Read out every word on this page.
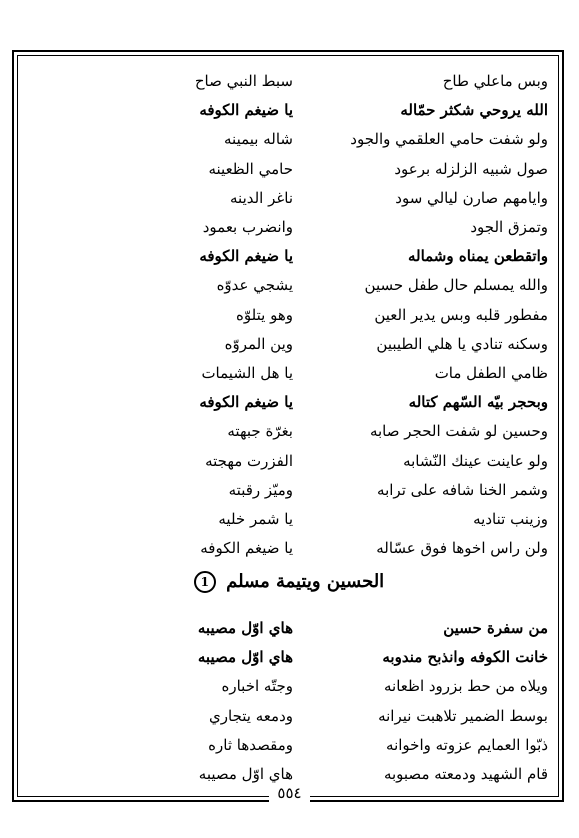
وبس ماعلي طاح
سبط النبي صاح
الله يروحي شكثر حمّاله
يا ضيغم الكوفه
ولو شفت حامي العلقمي والجود
شاله بيمينه
صول شبيه الزلزله برعود
حامي الظعينه
وايامهم صارن ليالي سود
ناغر الدينه
وتمزق الجود
وانضرب بعمود
واتقطعن يمناه وشماله
يا ضيغم الكوفه
والله يمسلم حال طفل حسين
يشجي عدوّه
مفطور قلبه وبس يدير العين
وهو يتلوّه
وسكنه تنادي يا هلي الطيبين
وين المروّه
ظامي الطفل مات
يا هل الشيمات
وبحجر بيّه السّهم كتاله
يا ضيغم الكوفه
وحسين لو شفت الحجر صابه
بغرّة جبهته
ولو عاينت عينك النّشابه
الفزرت مهجته
وشمر الخنا شافه على ترابه
وميّز رقبته
وزينب تناديه
يا شمر خليه
ولن راس اخوها فوق عسّاله
يا ضيغم الكوفه
الحسين ويتيمة مسلم 1
من سفرة حسين
هاي اوّل مصيبه
خانت الكوفه وانذبح مندوبه
هاي اوّل مصيبه
ويلاه من حط بزرود اظعانه
وجتّه اخباره
بوسط الضمير تلاهبت نيرانه
ودمعه يتجاري
ذبّوا العمايم عزوته واخوانه
ومقصدها ثاره
قام الشهيد ودمعته مصبوبه
هاي اوّل مصيبه
٥٥٤
